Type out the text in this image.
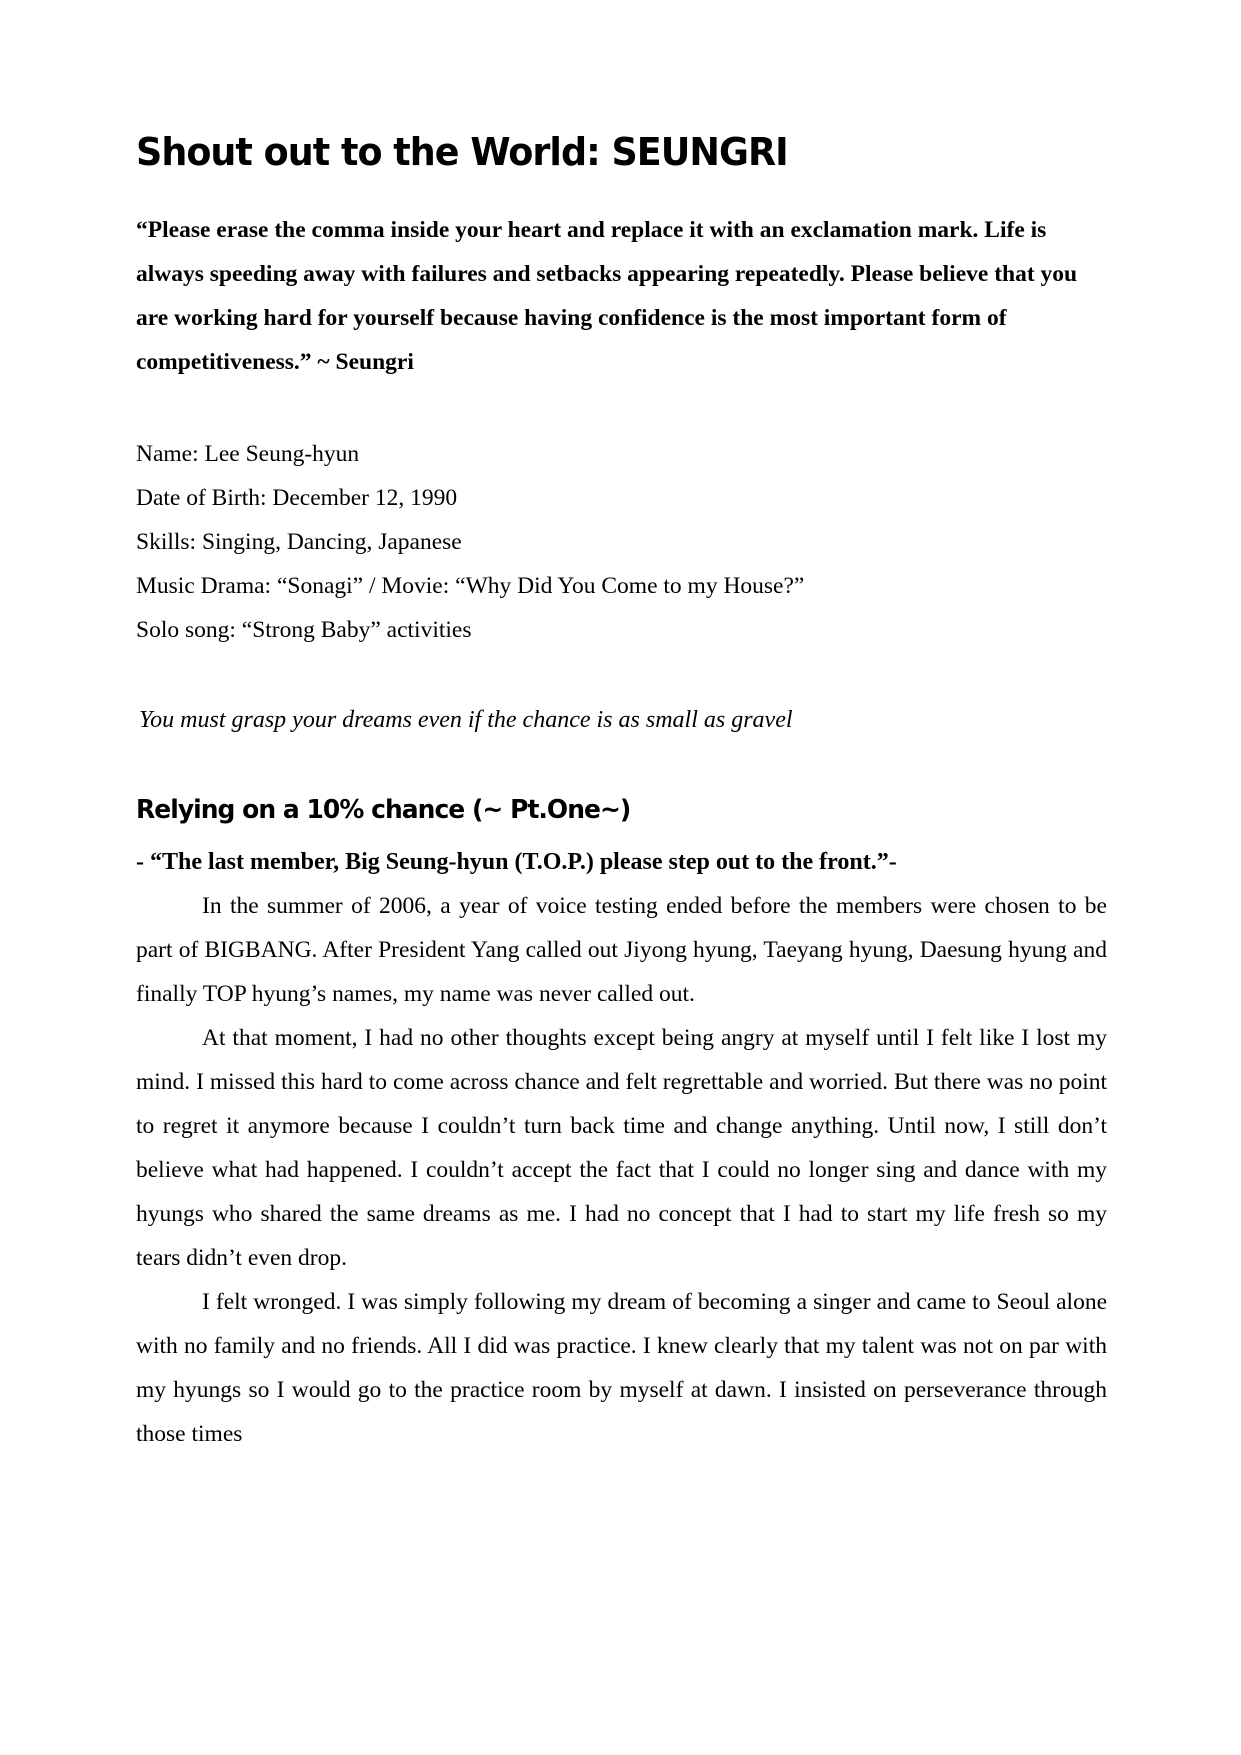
Shout out to the World: SEUNGRI

“Please erase the comma inside your heart and replace it with an exclamation mark. Life is always speeding away with failures and setbacks appearing repeatedly. Please believe that you are working hard for yourself because having confidence is the most important form of competitiveness.” ~ Seungri

Name: Lee Seung-hyun
Date of Birth: December 12, 1990
Skills: Singing, Dancing, Japanese
Music Drama: “Sonagi” / Movie: “Why Did You Come to my House?”
Solo song: “Strong Baby” activities

You must grasp your dreams even if the chance is as small as gravel

Relying on a 10% chance (~ Pt.One~)

- “The last member, Big Seung-hyun (T.O.P.) please step out to the front.”-

In the summer of 2006, a year of voice testing ended before the members were chosen to be part of BIGBANG. After President Yang called out Jiyong hyung, Taeyang hyung, Daesung hyung and finally TOP hyung’s names, my name was never called out.

At that moment, I had no other thoughts except being angry at myself until I felt like I lost my mind. I missed this hard to come across chance and felt regrettable and worried. But there was no point to regret it anymore because I couldn’t turn back time and change anything. Until now, I still don’t believe what had happened. I couldn’t accept the fact that I could no longer sing and dance with my hyungs who shared the same dreams as me. I had no concept that I had to start my life fresh so my tears didn’t even drop.

I felt wronged. I was simply following my dream of becoming a singer and came to Seoul alone with no family and no friends. All I did was practice. I knew clearly that my talent was not on par with my hyungs so I would go to the practice room by myself at dawn. I insisted on perseverance through those times
